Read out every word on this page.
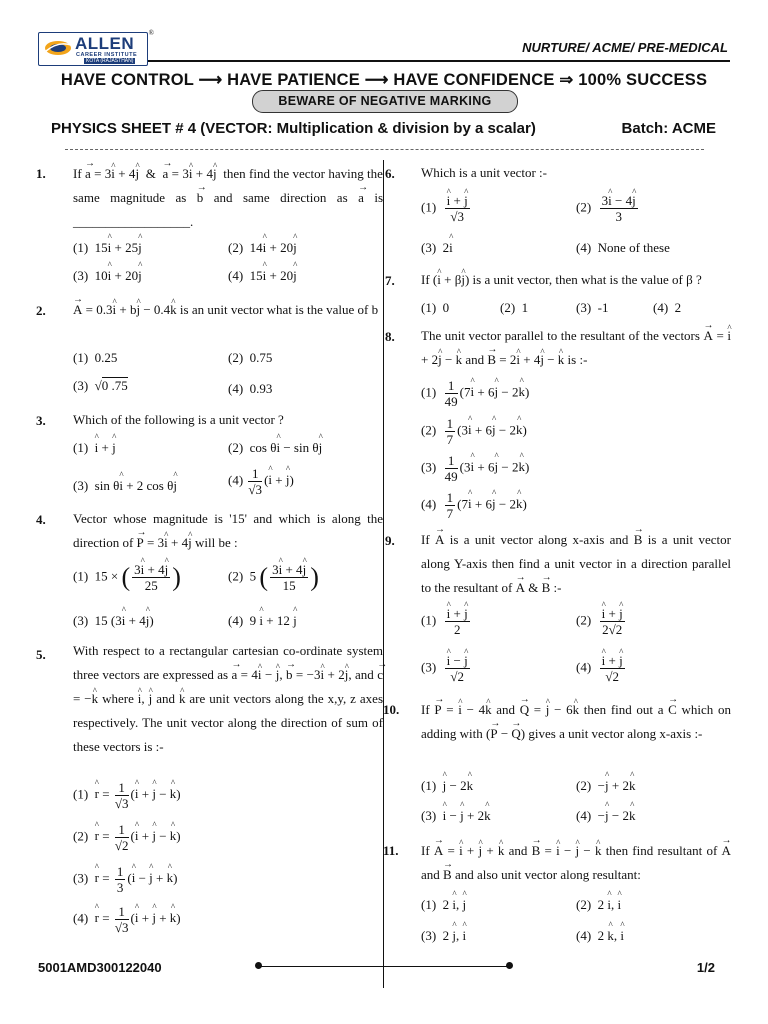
ALLEN
CAREER INSTITUTE
KOTA (RAJASTHAN)
®
NURTURE/ ACME/ PRE-MEDICAL
HAVE CONTROL ⟶ HAVE PATIENCE ⟶ HAVE CONFIDENCE ⇒ 100% SUCCESS
BEWARE OF NEGATIVE MARKING
PHYSICS SHEET # 4 (VECTOR: Multiplication & division by a scalar)	Batch: ACME
1. If → a = 3^ i + 4^ j  &  → a = 3^ i + 4^ j  then find the vector having the same magnitude as → b and same direction as → a is __________________.
(1)  15^ i + 25^ j	(2)  14^ i + 20^ j
(3)  10^ i + 20^ j	(4)  15^ i + 20^ j
2. → A = 0.3^ i + b^ j − 0.4^ k is an unit vector what is the value of b
(1)  0.25	(2)  0.75
(3)  √0 .75	(4)  0.93
3. Which of the following is a unit vector ?
(1)  ^ i + ^ j	(2)  cos θ^ i − sin θ^ j
(3)  sin θ^ i + 2 cos θ^ j	$(4) \frac{1}{√3}$ (^ i + ^ j)
4. Vector whose magnitude is '15' and which is along the direction of → P = 3^ i + 4^ j will be :
(1)  15 × ( $\frac{3\^{} i + 4\^{} j}{25}$ )	(2)  5 ( $\frac{3\^{} i + 4\^{} j}{15}$ )
(3)  15 (3^ i + 4^ j)	(4)  9 ^ i + 12 ^ j
5. With respect to a rectangular cartesian co-ordinate system three vectors are expressed as → a = 4^ i − ^ j, → b = −3^ i + 2^ j, and → c = −^ k where ^ i, ^ j and ^ k are unit vectors along the x,y, z axes respectively. The unit vector along the direction of sum of these vectors is :-
(1)  ^ $r = \frac{1}{√3}$ (^ i + ^ j − ^ k)
(2)  ^ $r = \frac{1}{√2}$ (^ i + ^ j − ^ k)
(3)  ^ $r = \frac{1}{3}$ (^ i − ^ j + ^ k)
(4)  ^ $r = \frac{1}{√3}$ (^ i + ^ j + ^ k)
6. Which is a unit vector :-
(1) ^ $\frac{i + \^{} j}{√3}$	$(2) \frac{3\^{} i - 4\^{} j}{3}$
(3)  2^ i	(4)  None of these
7. If (^ i + β^ j) is a unit vector, then what is the value of β ?
(1)  0	(2)  1	(3)  -1	(4)  2
8. The unit vector parallel to the resultant of the vectors → A = ^ i + 2^ j − ^ k and → B = 2^ i + 4^ j − ^ k is :-
$(1) \frac{1}{49}$ (7^ i + 6^ j − 2^ k)
$(2) \frac{1}{7}$ (3^ i + 6^ j − 2^ k)
$(3) \frac{1}{49}$ (3^ i + 6^ j − 2^ k)
$(4) \frac{1}{7}$ (7^ i + 6^ j − 2^ k)
9. If → A is a unit vector along x-axis and → B is a unit vector along Y-axis then find a unit vector in a direction parallel to the resultant of → A & → B :-
(1) ^ $\frac{i + \^{} j}{2}$	(2) ^ $\frac{i + \^{} j}{2√2}$
(3) ^ $\frac{i - \^{} j}{√2}$	(4) ^ $\frac{i + \^{} j}{√2}$
10. If → P = ^ i − 4^ k and → Q = ^ j − 6^ k then find out a → C which on adding with (→ P − → Q) gives a unit vector along x-axis :-
(1)  ^ j − 2^ k	(2)  −^ j + 2^ k
(3)  ^ i − ^ j + 2^ k	(4)  −^ j − 2^ k
11. If → A = ^ i + ^ j + ^ k and → B = ^ i − ^ j − ^ k then find resultant of → A and → B and also unit vector along resultant:
(1)  2 ^ i, ^ j	(2)  2 ^ i, ^ i
(3)  2 ^ j, ^ i	(4)  2 ^ k, ^ i
5001AMD300122040	1/2
